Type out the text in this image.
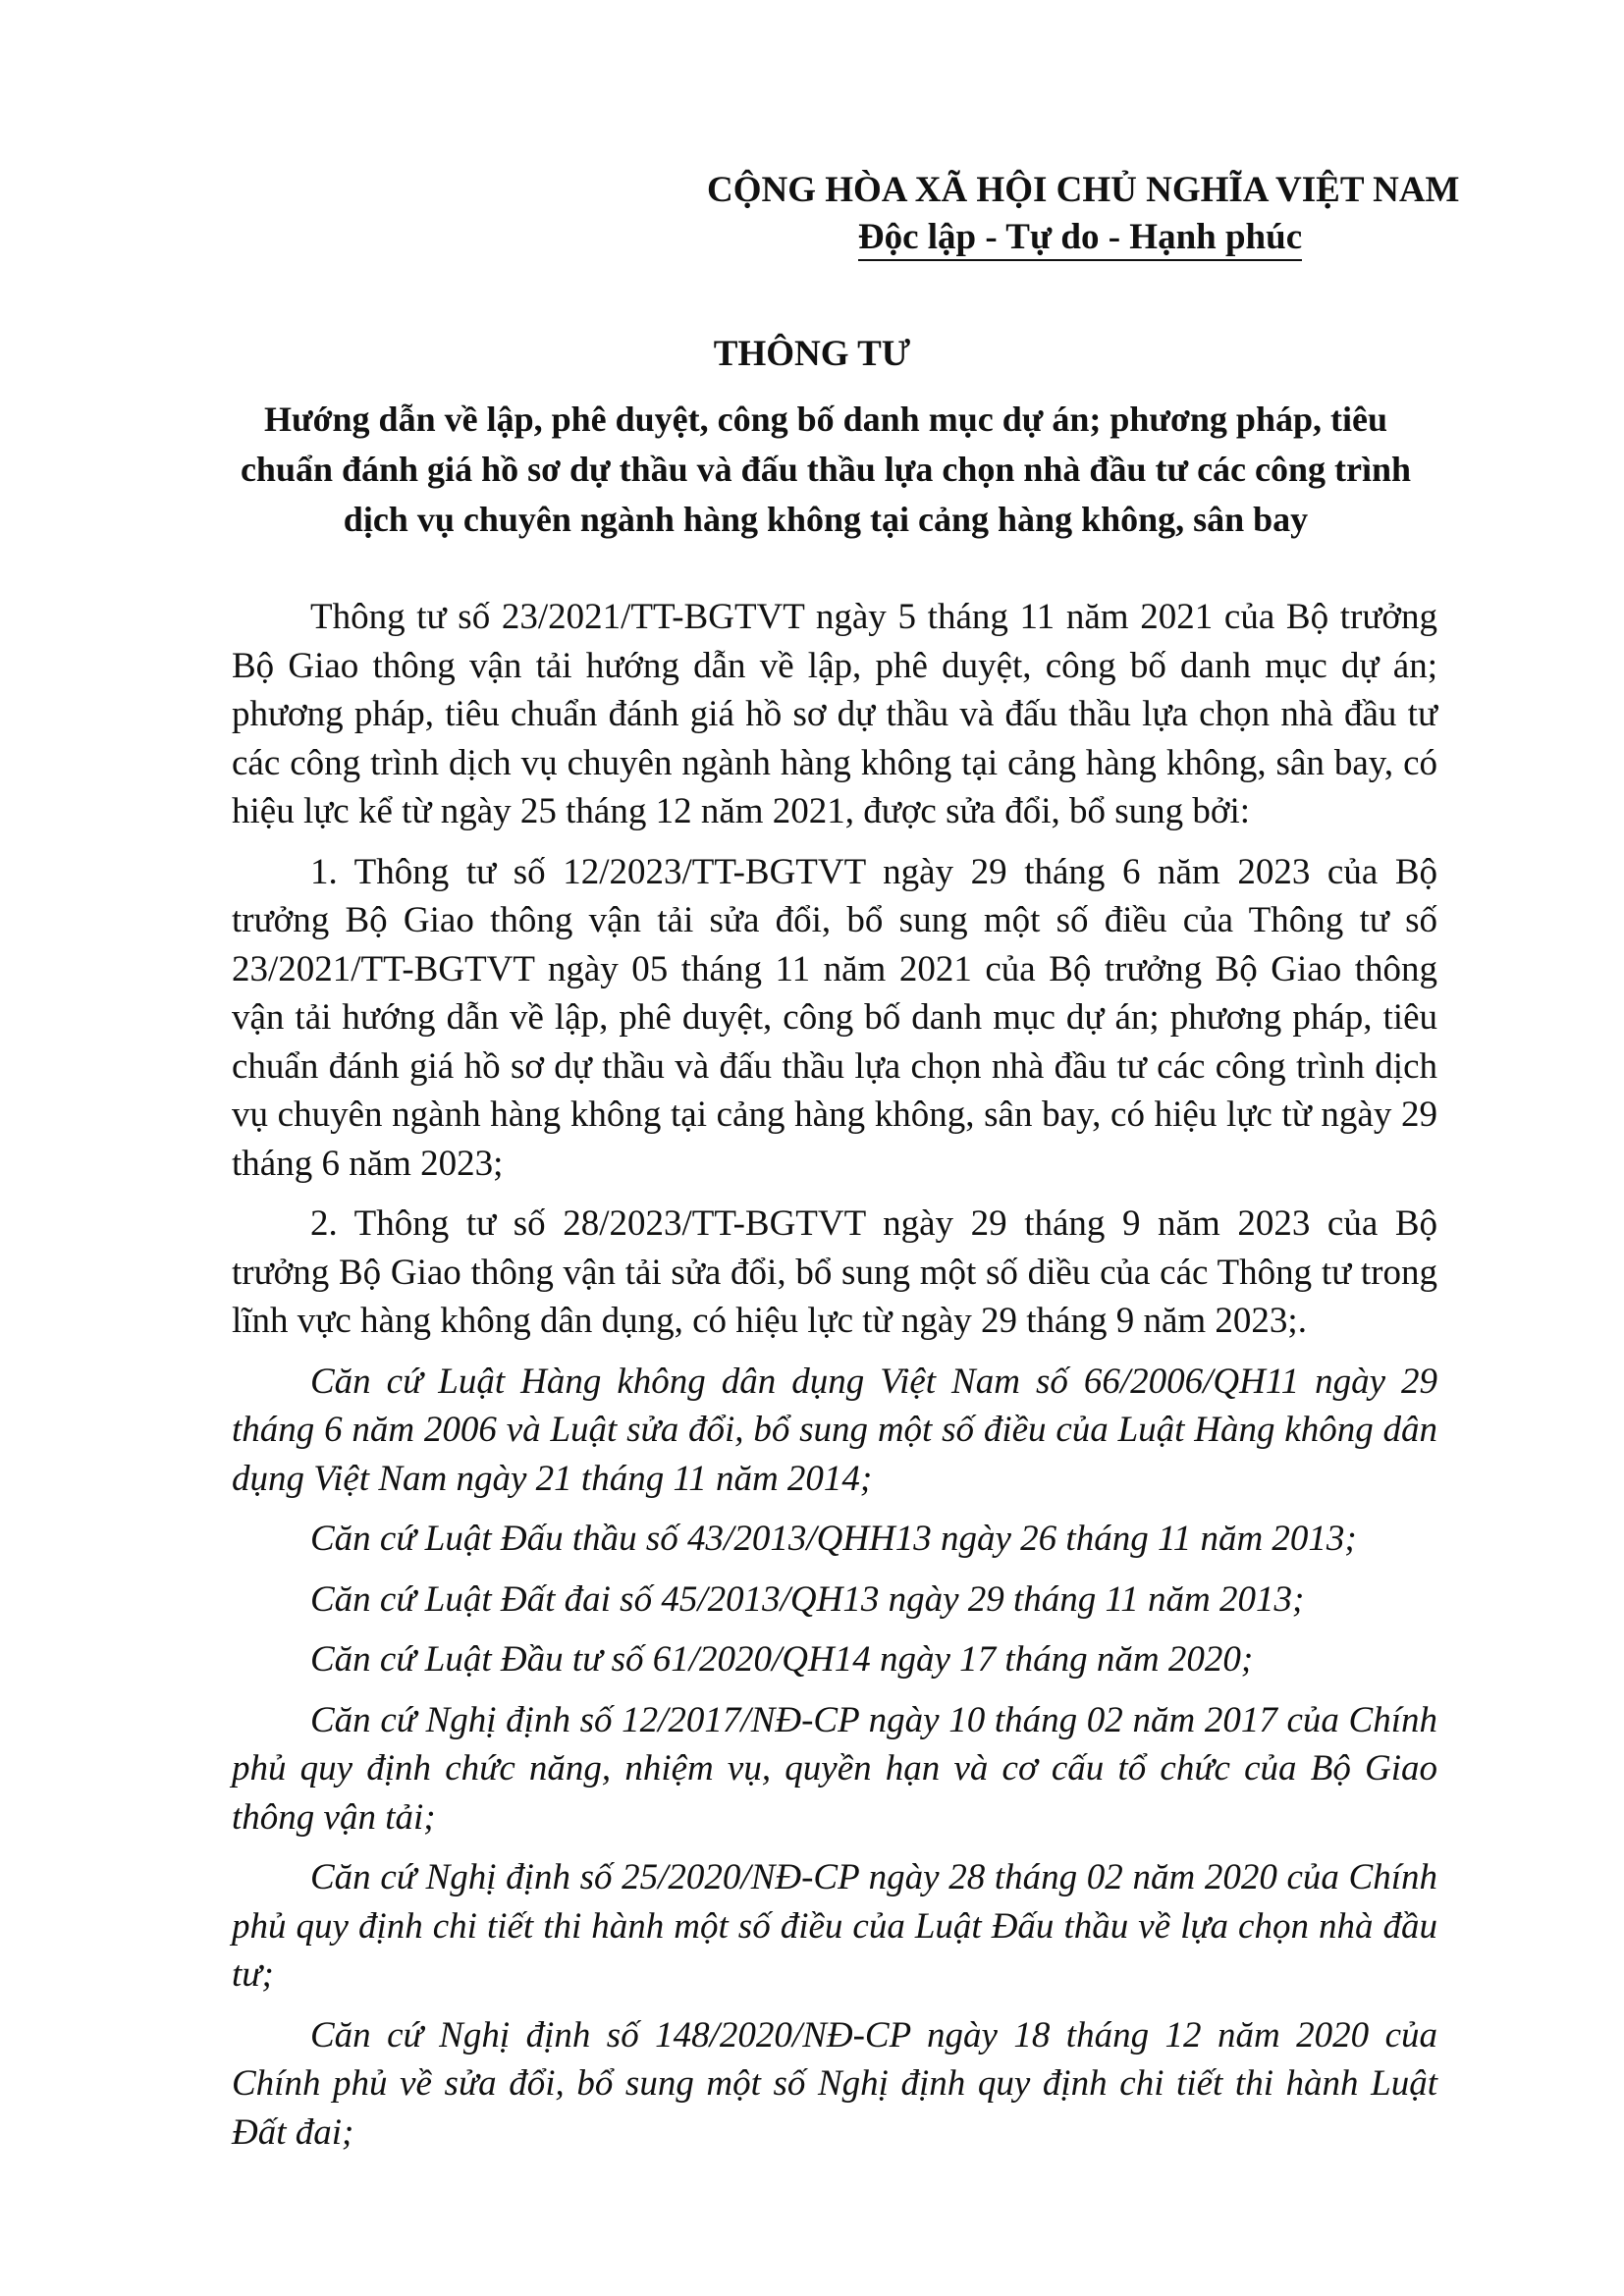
CỘNG HÒA XÃ HỘI CHỦ NGHĨA VIỆT NAM
Độc lập - Tự do - Hạnh phúc
THÔNG TƯ
Hướng dẫn về lập, phê duyệt, công bố danh mục dự án; phương pháp, tiêu chuẩn đánh giá hồ sơ dự thầu và đấu thầu lựa chọn nhà đầu tư các công trình dịch vụ chuyên ngành hàng không tại cảng hàng không, sân bay

Thông tư số 23/2021/TT-BGTVT ngày 5 tháng 11 năm 2021 của Bộ trưởng Bộ Giao thông vận tải hướng dẫn về lập, phê duyệt, công bố danh mục dự án; phương pháp, tiêu chuẩn đánh giá hồ sơ dự thầu và đấu thầu lựa chọn nhà đầu tư các công trình dịch vụ chuyên ngành hàng không tại cảng hàng không, sân bay, có hiệu lực kể từ ngày 25 tháng 12 năm 2021, được sửa đổi, bổ sung bởi:

1. Thông tư số 12/2023/TT-BGTVT ngày 29 tháng 6 năm 2023 của Bộ trưởng Bộ Giao thông vận tải sửa đổi, bổ sung một số điều của Thông tư số 23/2021/TT-BGTVT ngày 05 tháng 11 năm 2021 của Bộ trưởng Bộ Giao thông vận tải hướng dẫn về lập, phê duyệt, công bố danh mục dự án; phương pháp, tiêu chuẩn đánh giá hồ sơ dự thầu và đấu thầu lựa chọn nhà đầu tư các công trình dịch vụ chuyên ngành hàng không tại cảng hàng không, sân bay, có hiệu lực từ ngày 29 tháng 6 năm 2023;

2. Thông tư số 28/2023/TT-BGTVT ngày 29 tháng 9 năm 2023 của Bộ trưởng Bộ Giao thông vận tải sửa đổi, bổ sung một số diều của các Thông tư trong lĩnh vực hàng không dân dụng, có hiệu lực từ ngày 29 tháng 9 năm 2023;.

Căn cứ Luật Hàng không dân dụng Việt Nam số 66/2006/QH11 ngày 29 tháng 6 năm 2006 và Luật sửa đổi, bổ sung một số điều của Luật Hàng không dân dụng Việt Nam ngày 21 tháng 11 năm 2014;

Căn cứ Luật Đấu thầu số 43/2013/QHH13 ngày 26 tháng 11 năm 2013;

Căn cứ Luật Đất đai số 45/2013/QH13 ngày 29 tháng 11 năm 2013;

Căn cứ Luật Đầu tư số 61/2020/QH14 ngày 17 tháng năm 2020;

Căn cứ Nghị định số 12/2017/NĐ-CP ngày 10 tháng 02 năm 2017 của Chính phủ quy định chức năng, nhiệm vụ, quyền hạn và cơ cấu tổ chức của Bộ Giao thông vận tải;

Căn cứ Nghị định số 25/2020/NĐ-CP ngày 28 tháng 02 năm 2020 của Chính phủ quy định chi tiết thi hành một số điều của Luật Đấu thầu về lựa chọn nhà đầu tư;

Căn cứ Nghị định số 148/2020/NĐ-CP ngày 18 tháng 12 năm 2020 của Chính phủ về sửa đổi, bổ sung một số Nghị định quy định chi tiết thi hành Luật Đất đai;
